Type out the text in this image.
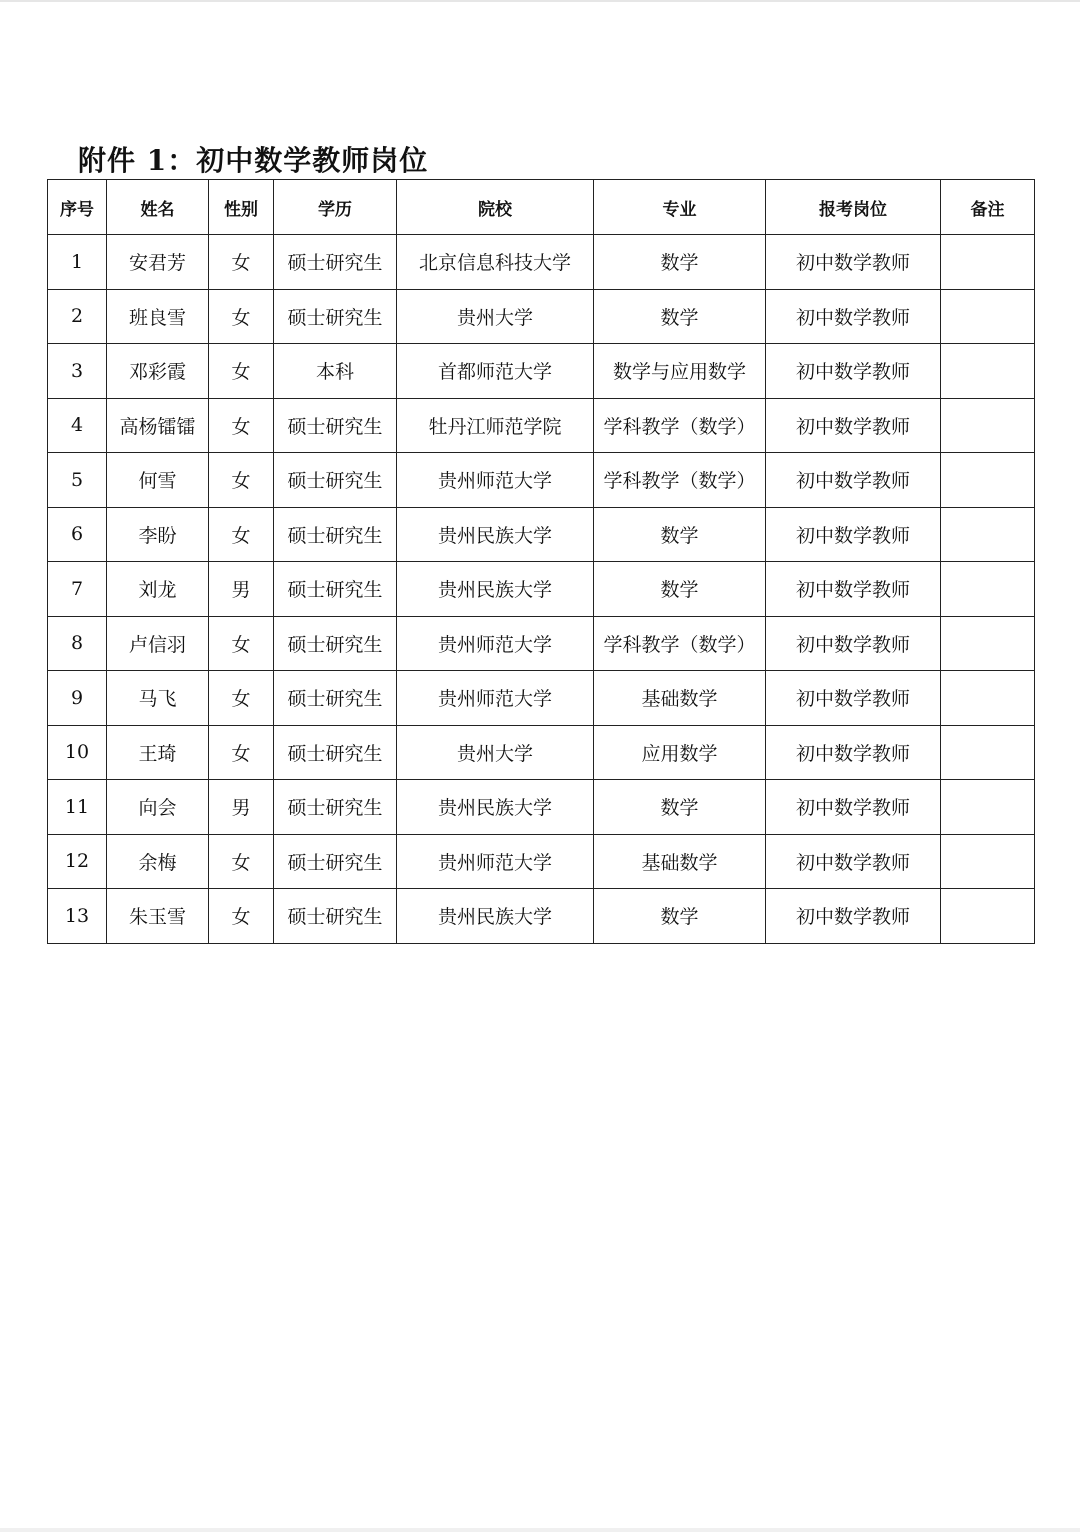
附件 1：初中数学教师岗位
序号	姓名	性别	学历	院校	专业	报考岗位	备注
1	安君芳	女	硕士研究生	北京信息科技大学	数学	初中数学教师	
2	班良雪	女	硕士研究生	贵州大学	数学	初中数学教师	
3	邓彩霞	女	本科	首都师范大学	数学与应用数学	初中数学教师	
4	高杨镭镭	女	硕士研究生	牡丹江师范学院	学科教学（数学）	初中数学教师	
5	何雪	女	硕士研究生	贵州师范大学	学科教学（数学）	初中数学教师	
6	李盼	女	硕士研究生	贵州民族大学	数学	初中数学教师	
7	刘龙	男	硕士研究生	贵州民族大学	数学	初中数学教师	
8	卢信羽	女	硕士研究生	贵州师范大学	学科教学（数学）	初中数学教师	
9	马飞	女	硕士研究生	贵州师范大学	基础数学	初中数学教师	
10	王琦	女	硕士研究生	贵州大学	应用数学	初中数学教师	
11	向会	男	硕士研究生	贵州民族大学	数学	初中数学教师	
12	余梅	女	硕士研究生	贵州师范大学	基础数学	初中数学教师	
13	朱玉雪	女	硕士研究生	贵州民族大学	数学	初中数学教师	
